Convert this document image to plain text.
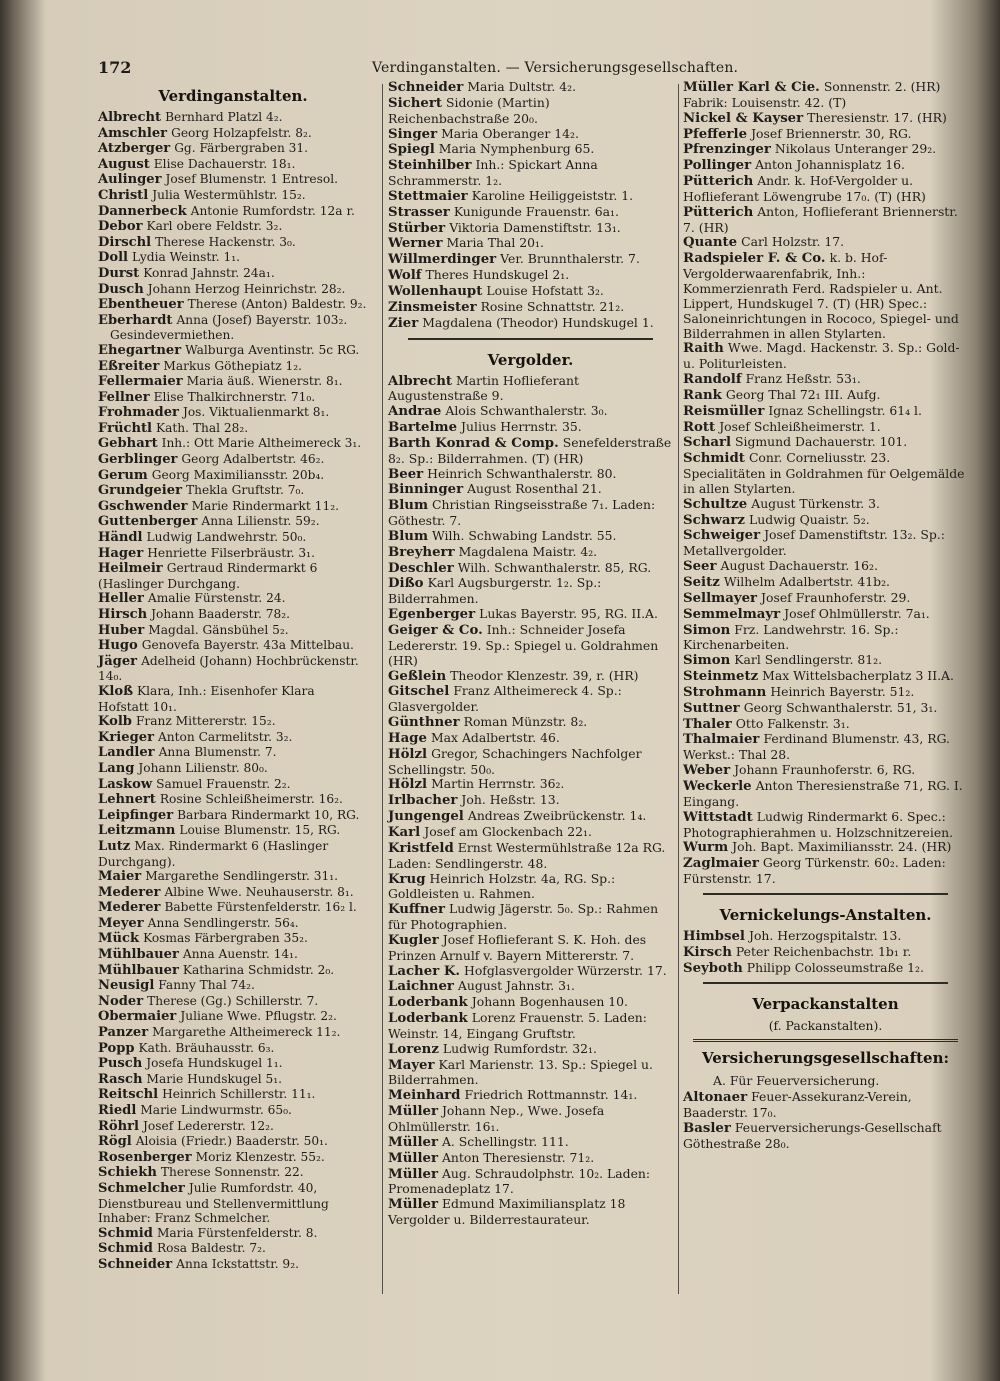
172	Verdinganstalten. — Versicherungsgesellschaften.
Verdinganstalten.
Albrecht Bernhard Platzl 4₂.
Amschler Georg Holzapfelstr. 8₂.
Atzberger Gg. Färbergraben 31.
August Elise Dachauerstr. 18₁.
Aulinger Josef Blumenstr. 1 Entresol.
Christl Julia Westermühlstr. 15₂.
Dannerbeck Antonie Rumfordstr. 12a r.
Debor Karl obere Feldstr. 3₂.
Dirschl Therese Hackenstr. 3₀.
Doll Lydia Weinstr. 1₁.
Durst Konrad Jahnstr. 24a₁.
Dusch Johann Herzog Heinrichstr. 28₂.
Ebentheuer Therese (Anton) Baldestr. 9₂.
Eberhardt Anna (Josef) Bayerstr. 103₂.
Gesindevermiethen.
Ehegartner Walburga Aventinstr. 5c RG.
Eßreiter Markus Göthepiatz 1₂.
Fellermaier Maria äuß. Wienerstr. 8₁.
Fellner Elise Thalkirchnerstr. 71₀.
Frohmader Jos. Viktualienmarkt 8₁.
Früchtl Kath. Thal 28₂.
Gebhart Inh.: Ott Marie Altheimereck 3₁.
Gerblinger Georg Adalbertstr. 46₂.
Gerum Georg Maximiliansstr. 20b₄.
Grundgeier Thekla Gruftstr. 7₀.
Gschwender Marie Rindermarkt 11₂.
Guttenberger Anna Lilienstr. 59₂.
Händl Ludwig Landwehrstr. 50₀.
Hager Henriette Filserbräustr. 3₁.
Heilmeir Gertraud Rindermarkt 6 (Haslinger Durchgang.
Heller Amalie Fürstenstr. 24.
Hirsch Johann Baaderstr. 78₂.
Huber Magdal. Gänsbühel 5₂.
Hugo Genovefa Bayerstr. 43a Mittelbau.
Jäger Adelheid (Johann) Hochbrückenstr. 14₀.
Kloß Klara, Inh.: Eisenhofer Klara Hofstatt 10₁.
Kolb Franz Mittererstr. 15₂.
Krieger Anton Carmelitstr. 3₂.
Landler Anna Blumenstr. 7.
Lang Johann Lilienstr. 80₀.
Laskow Samuel Frauenstr. 2₂.
Lehnert Rosine Schleißheimerstr. 16₂.
Leipfinger Barbara Rindermarkt 10, RG.
Leitzmann Louise Blumenstr. 15, RG.
Lutz Max. Rindermarkt 6 (Haslinger Durchgang).
Maier Margarethe Sendlingerstr. 31₁.
Mederer Albine Wwe. Neuhauserstr. 8₁.
Mederer Babette Fürstenfelderstr. 16₂ l.
Meyer Anna Sendlingerstr. 56₄.
Mück Kosmas Färbergraben 35₂.
Mühlbauer Anna Auenstr. 14₁.
Mühlbauer Katharina Schmidstr. 2₀.
Neusigl Fanny Thal 74₂.
Noder Therese (Gg.) Schillerstr. 7.
Obermaier Juliane Wwe. Pflugstr. 2₂.
Panzer Margarethe Altheimereck 11₂.
Popp Kath. Bräuhausstr. 6₃.
Pusch Josefa Hundskugel 1₁.
Rasch Marie Hundskugel 5₁.
Reitschl Heinrich Schillerstr. 11₁.
Riedl Marie Lindwurmstr. 65₀.
Röhrl Josef Ledererstr. 12₂.
Rögl Aloisia (Friedr.) Baaderstr. 50₁.
Rosenberger Moriz Klenzestr. 55₂.
Schiekh Therese Sonnenstr. 22.
Schmelcher Julie Rumfordstr. 40, Dienstbureau und Stellenvermittlung Inhaber: Franz Schmelcher.
Schmid Maria Fürstenfelderstr. 8.
Schmid Rosa Baldestr. 7₂.
Schneider Anna Ickstattstr. 9₂.
Schneider Maria Dultstr. 4₂.
Sichert Sidonie (Martin) Reichenbachstraße 20₀.
Singer Maria Oberanger 14₂.
Spiegl Maria Nymphenburg 65.
Steinhilber Inh.: Spickart Anna Schrammerstr. 1₂.
Stettmaier Karoline Heiliggeiststr. 1.
Strasser Kunigunde Frauenstr. 6a₁.
Stürber Viktoria Damenstiftstr. 13₁.
Werner Maria Thal 20₁.
Willmerdinger Ver. Brunnthalerstr. 7.
Wolf Theres Hundskugel 2₁.
Wollenhaupt Louise Hofstatt 3₂.
Zinsmeister Rosine Schnattstr. 21₂.
Zier Magdalena (Theodor) Hundskugel 1.
Vergolder.
Albrecht Martin Hoflieferant Augustenstraße 9.
Andrae Alois Schwanthalerstr. 3₀.
Bartelme Julius Herrnstr. 35.
Barth Konrad & Comp. Senefelderstraße 8₂. Sp.: Bilderrahmen. (T) (HR)
Beer Heinrich Schwanthalerstr. 80.
Binninger August Rosenthal 21.
Blum Christian Ringseisstraße 7₁. Laden: Göthestr. 7.
Blum Wilh. Schwabing Landstr. 55.
Breyherr Magdalena Maistr. 4₂.
Deschler Wilh. Schwanthalerstr. 85, RG.
Dißo Karl Augsburgerstr. 1₂. Sp.: Bilderrahmen.
Egenberger Lukas Bayerstr. 95, RG. II.A.
Geiger & Co. Inh.: Schneider Josefa Ledererstr. 19. Sp.: Spiegel u. Goldrahmen (HR)
Geßlein Theodor Klenzestr. 39, r. (HR)
Gitschel Franz Altheimereck 4. Sp.: Glasvergolder.
Günthner Roman Münzstr. 8₂.
Hage Max Adalbertstr. 46.
Hölzl Gregor, Schachingers Nachfolger Schellingstr. 50₀.
Hölzl Martin Herrnstr. 36₂.
Irlbacher Joh. Heßstr. 13.
Jungengel Andreas Zweibrückenstr. 1₄.
Karl Josef am Glockenbach 22₁.
Kristfeld Ernst Westermühlstraße 12a RG. Laden: Sendlingerstr. 48.
Krug Heinrich Holzstr. 4a, RG. Sp.: Goldleisten u. Rahmen.
Kuffner Ludwig Jägerstr. 5₀. Sp.: Rahmen für Photographien.
Kugler Josef Hoflieferant S. K. Hoh. des Prinzen Arnulf v. Bayern Mittererstr. 7.
Lacher K. Hofglasvergolder Würzerstr. 17.
Laichner August Jahnstr. 3₁.
Loderbank Johann Bogenhausen 10.
Loderbank Lorenz Frauenstr. 5. Laden: Weinstr. 14, Eingang Gruftstr.
Lorenz Ludwig Rumfordstr. 32₁.
Mayer Karl Marienstr. 13. Sp.: Spiegel u. Bilderrahmen.
Meinhard Friedrich Rottmannstr. 14₁.
Müller Johann Nep., Wwe. Josefa Ohlmüllerstr. 16₁.
Müller A. Schellingstr. 111.
Müller Anton Theresienstr. 71₂.
Müller Aug. Schraudolphstr. 10₂. Laden: Promenadeplatz 17.
Müller Edmund Maximiliansplatz 18 Vergolder u. Bilderrestaurateur.
Müller Karl & Cie. Sonnenstr. 2. (HR) Fabrik: Louisenstr. 42. (T)
Nickel & Kayser Theresienstr. 17. (HR)
Pfefferle Josef Briennerstr. 30, RG.
Pfrenzinger Nikolaus Unteranger 29₂.
Pollinger Anton Johannisplatz 16.
Pütterich Andr. k. Hof-Vergolder u. Hoflieferant Löwengrube 17₀. (T) (HR)
Pütterich Anton, Hoflieferant Briennerstr. 7. (HR)
Quante Carl Holzstr. 17.
Radspieler F. & Co. k. b. Hof-Vergolderwaarenfabrik, Inh.: Kommerzienrath Ferd. Radspieler u. Ant. Lippert, Hundskugel 7. (T) (HR) Spec.: Saloneinrichtungen in Rococo, Spiegel- und Bilderrahmen in allen Stylarten.
Raith Wwe. Magd. Hackenstr. 3. Sp.: Gold- u. Politurleisten.
Randolf Franz Heßstr. 53₁.
Rank Georg Thal 72₁ III. Aufg.
Reismüller Ignaz Schellingstr. 61₄ l.
Rott Josef Schleißheimerstr. 1.
Scharl Sigmund Dachauerstr. 101.
Schmidt Conr. Corneliusstr. 23. Specialitäten in Goldrahmen für Oelgemälde in allen Stylarten.
Schultze August Türkenstr. 3.
Schwarz Ludwig Quaistr. 5₂.
Schweiger Josef Damenstiftstr. 13₂. Sp.: Metallvergolder.
Seer August Dachauerstr. 16₂.
Seitz Wilhelm Adalbertstr. 41b₂.
Sellmayer Josef Fraunhoferstr. 29.
Semmelmayr Josef Ohlmüllerstr. 7a₁.
Simon Frz. Landwehrstr. 16. Sp.: Kirchenarbeiten.
Simon Karl Sendlingerstr. 81₂.
Steinmetz Max Wittelsbacherplatz 3 II.A.
Strohmann Heinrich Bayerstr. 51₂.
Suttner Georg Schwanthalerstr. 51, 3₁.
Thaler Otto Falkenstr. 3₁.
Thalmaier Ferdinand Blumenstr. 43, RG. Werkst.: Thal 28.
Weber Johann Fraunhoferstr. 6, RG.
Weckerle Anton Theresienstraße 71, RG. I. Eingang.
Wittstadt Ludwig Rindermarkt 6. Spec.: Photographierahmen u. Holzschnitzereien.
Wurm Joh. Bapt. Maximiliansstr. 24. (HR)
Zaglmaier Georg Türkenstr. 60₂. Laden: Fürstenstr. 17.
Vernickelungs-Anstalten.
Himbsel Joh. Herzogspitalstr. 13.
Kirsch Peter Reichenbachstr. 1b₁ r.
Seyboth Philipp Colosseumstraße 1₂.
Verpackanstalten
(f. Packanstalten).
Versicherungsgesellschaften:
A. Für Feuerversicherung.
Altonaer Feuer-Assekuranz-Verein, Baaderstr. 17₀.
Basler Feuerversicherungs-Gesellschaft Göthestraße 28₀.
